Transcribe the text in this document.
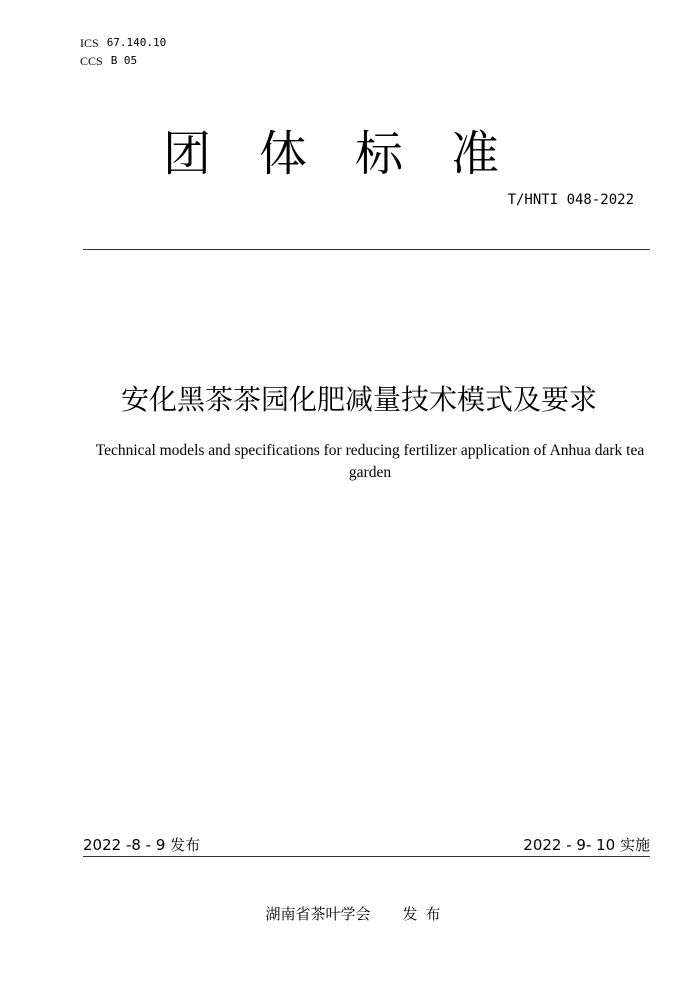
ICS 67.140.10
CCS B 05
团体标准
T/HNTI 048-2022
安化黑茶茶园化肥减量技术模式及要求
Technical models and specifications for reducing fertilizer application of Anhua dark tea garden
2022 -8 - 9 发布	2022 - 9- 10 实施
湖南省茶叶学会 发布
